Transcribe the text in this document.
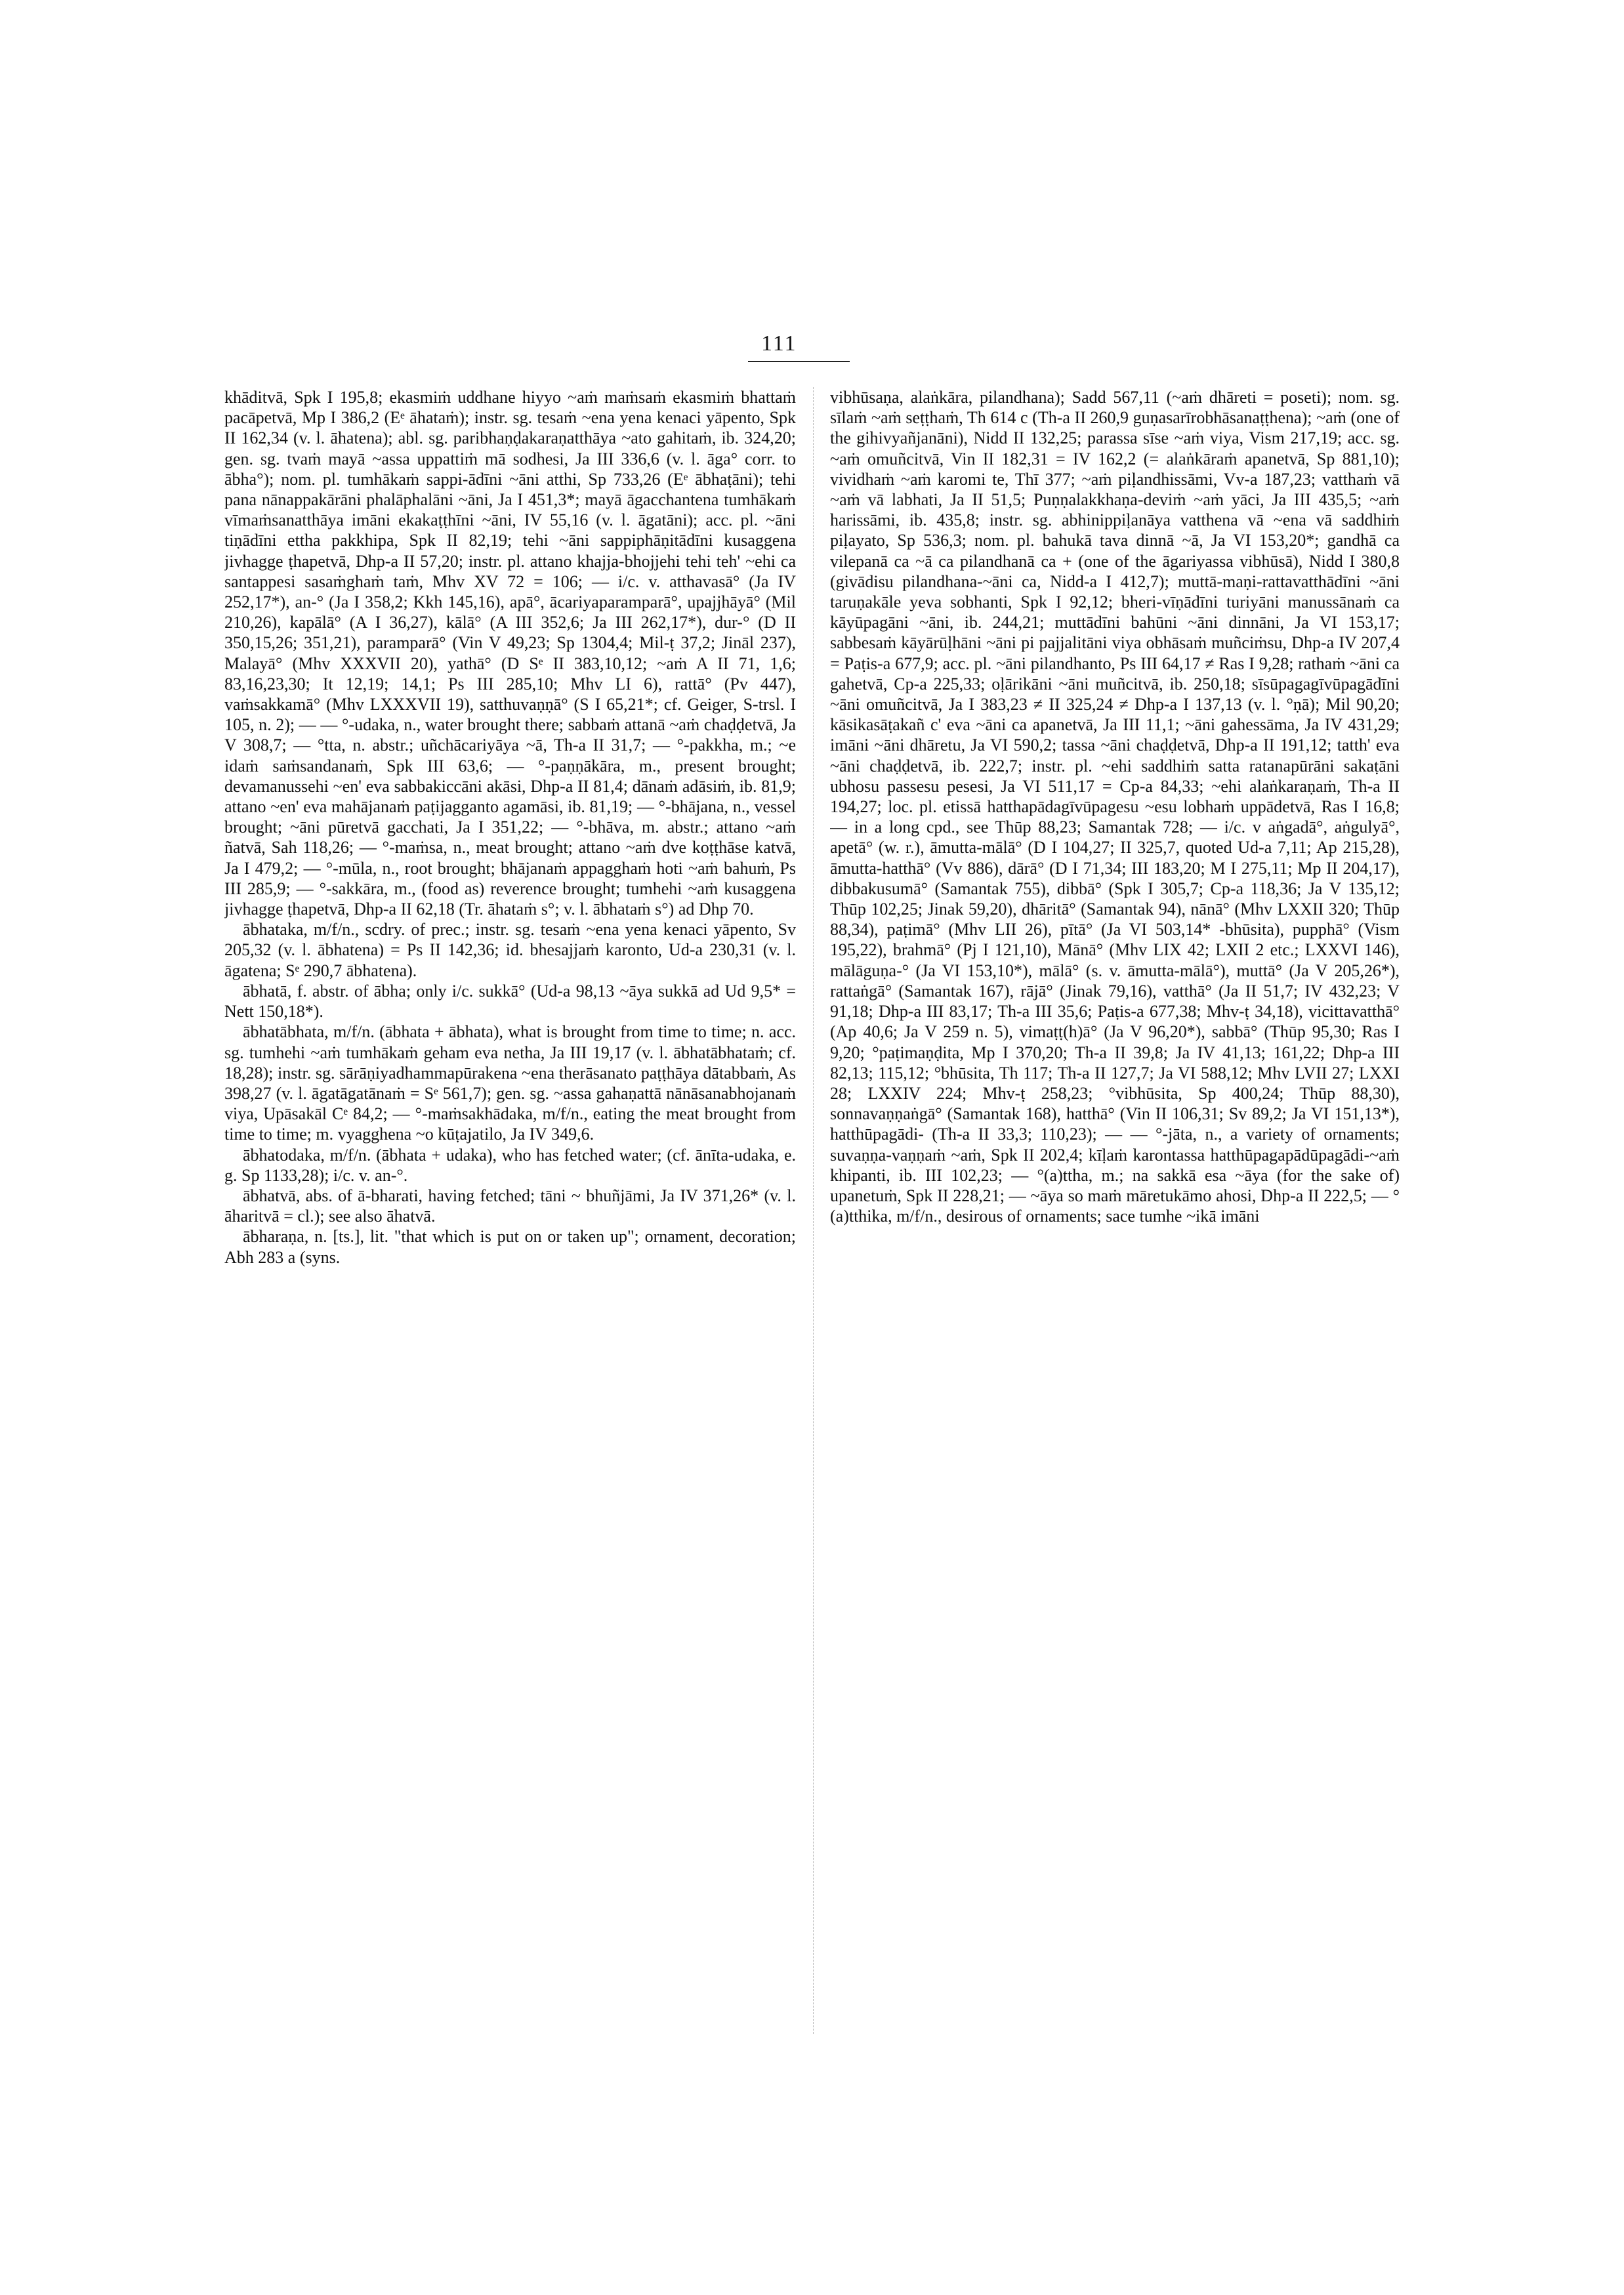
111

khāditvā, Spk I 195,8; ekasmiṁ uddhane hiyyo ~aṁ maṁsaṁ ekasmiṁ bhattaṁ pacāpetvā, Mp I 386,2 (Eᵉ āhataṁ); instr. sg. tesaṁ ~ena yena kenaci yāpento, Spk II 162,34 (v. l. āhatena); abl. sg. paribhaṇḍakaraṇatthāya ~ato gahitaṁ, ib. 324,20; gen. sg. tvaṁ mayā ~assa uppattiṁ mā sodhesi, Ja III 336,6 (v. l. āga° corr. to ābha°); nom. pl. tumhākaṁ sappi-ādīni ~āni atthi, Sp 733,26 (Eᵉ ābhaṭāni); tehi pana nānappakārāni phalāphalāni ~āni, Ja I 451,3*; mayā āgacchantena tumhākaṁ vīmaṁsanatthāya imāni ekakaṭṭhīni ~āni, IV 55,16 (v. l. āgatāni); acc. pl. ~āni tiṇādīni ettha pakkhipa, Spk II 82,19; tehi ~āni sappiphāṇitādīni kusaggena jivhagge ṭhapetvā, Dhp-a II 57,20; instr. pl. attano khajja-bhojjehi tehi teh' ~ehi ca santappesi sasaṁghaṁ taṁ, Mhv XV 72 = 106; — i/c. v. atthavasā° (Ja IV 252,17*), an-° (Ja I 358,2; Kkh 145,16), apā°, ācariyaparamparā°, upajjhāyā° (Mil 210,26), kapālā° (A I 36,27), kālā° (A III 352,6; Ja III 262,17*), dur-° (D II 350,15,26; 351,21), paramparā° (Vin V 49,23; Sp 1304,4; Mil-ṭ 37,2; Jināl 237), Malayā° (Mhv XXXVII 20), yathā° (D Sᵉ II 383,10,12; ~aṁ A II 71, 1,6; 83,16,23,30; It 12,19; 14,1; Ps III 285,10; Mhv LI 6), rattā° (Pv 447), vaṁsakkamā° (Mhv LXXXVII 19), satthuvaṇṇā° (S I 65,21*; cf. Geiger, S-trsl. I 105, n. 2); — — °-udaka, n., water brought there; sabbaṁ attanā ~aṁ chaḍḍetvā, Ja V 308,7; — °tta, n. abstr.; uñchācariyāya ~ā, Th-a II 31,7; — °-pakkha, m.; ~e idaṁ saṁsandanaṁ, Spk III 63,6; — °-paṇṇākāra, m., present brought; devamanussehi ~en' eva sabbakiccāni akāsi, Dhp-a II 81,4; dānaṁ adāsiṁ, ib. 81,9; attano ~en' eva mahājanaṁ paṭijagganto agamāsi, ib. 81,19; — °-bhājana, n., vessel brought; ~āni pūretvā gacchati, Ja I 351,22; — °-bhāva, m. abstr.; attano ~aṁ ñatvā, Sah 118,26; — °-maṁsa, n., meat brought; attano ~aṁ dve koṭṭhāse katvā, Ja I 479,2; — °-mūla, n., root brought; bhājanaṁ appagghaṁ hoti ~aṁ bahuṁ, Ps III 285,9; — °-sakkāra, m., (food as) reverence brought; tumhehi ~aṁ kusaggena jivhagge ṭhapetvā, Dhp-a II 62,18 (Tr. āhataṁ s°; v. l. ābhataṁ s°) ad Dhp 70.

ābhataka, m/f/n., scdry. of prec.; instr. sg. tesaṁ ~ena yena kenaci yāpento, Sv 205,32 (v. l. ābhatena) = Ps II 142,36; id. bhesajjaṁ karonto, Ud-a 230,31 (v. l. āgatena; Sᵉ 290,7 ābhatena).

ābhatā, f. abstr. of ābha; only i/c. sukkā° (Ud-a 98,13 ~āya sukkā ad Ud 9,5* = Nett 150,18*).

ābhatābhata, m/f/n. (ābhata + ābhata), what is brought from time to time; n. acc. sg. tumhehi ~aṁ tumhākaṁ geham eva netha, Ja III 19,17 (v. l. ābhatābhataṁ; cf. 18,28); instr. sg. sārāṇiyadhammapūrakena ~ena therāsanato paṭṭhāya dātabbaṁ, As 398,27 (v. l. āgatāgatānaṁ = Sᵉ 561,7); gen. sg. ~assa gahaṇattā nānāsanabhojanaṁ viya, Upāsakāl Cᵉ 84,2; — °-maṁsakhādaka, m/f/n., eating the meat brought from time to time; m. vyagghena ~o kūṭajatilo, Ja IV 349,6.

ābhatodaka, m/f/n. (ābhata + udaka), who has fetched water; (cf. ānīta-udaka, e. g. Sp 1133,28); i/c. v. an-°.

ābhatvā, abs. of ā-bharati, having fetched; tāni ~ bhuñjāmi, Ja IV 371,26* (v. l. āharitvā = cl.); see also āhatvā.

ābharaṇa, n. [ts.], lit. "that which is put on or taken up"; ornament, decoration; Abh 283 a (syns.

vibhūsaṇa, alaṅkāra, pilandhana); Sadd 567,11 (~aṁ dhāreti = poseti); nom. sg. sīlaṁ ~aṁ seṭṭhaṁ, Th 614 c (Th-a II 260,9 guṇasarīrobhāsanaṭṭhena); ~aṁ (one of the gihivyañjanāni), Nidd II 132,25; parassa sīse ~aṁ viya, Vism 217,19; acc. sg. ~aṁ omuñcitvā, Vin II 182,31 = IV 162,2 (= alaṅkāraṁ apanetvā, Sp 881,10); vividhaṁ ~aṁ karomi te, Thī 377; ~aṁ piḷandhissāmi, Vv-a 187,23; vatthaṁ vā ~aṁ vā labhati, Ja II 51,5; Puṇṇalakkhaṇa-deviṁ ~aṁ yāci, Ja III 435,5; ~aṁ harissāmi, ib. 435,8; instr. sg. abhinippiḷanāya vatthena vā ~ena vā saddhiṁ piḷayato, Sp 536,3; nom. pl. bahukā tava dinnā ~ā, Ja VI 153,20*; gandhā ca vilepanā ca ~ā ca pilandhanā ca + (one of the āgariyassa vibhūsā), Nidd I 380,8 (givādisu pilandhana-~āni ca, Nidd-a I 412,7); muttā-maṇi-rattavatthādīni ~āni taruṇakāle yeva sobhanti, Spk I 92,12; bheri-vīṇādīni turiyāni manussānaṁ ca kāyūpagāni ~āni, ib. 244,21; muttādīni bahūni ~āni dinnāni, Ja VI 153,17; sabbesaṁ kāyārūḷhāni ~āni pi pajjalitāni viya obhāsaṁ muñciṁsu, Dhp-a IV 207,4 = Paṭis-a 677,9; acc. pl. ~āni pilandhanto, Ps III 64,17 ≠ Ras I 9,28; rathaṁ ~āni ca gahetvā, Cp-a 225,33; oḷārikāni ~āni muñcitvā, ib. 250,18; sīsūpagagīvūpagādīni ~āni omuñcitvā, Ja I 383,23 ≠ II 325,24 ≠ Dhp-a I 137,13 (v. l. °ṇā); Mil 90,20; kāsikasāṭakañ c' eva ~āni ca apanetvā, Ja III 11,1; ~āni gahessāma, Ja IV 431,29; imāni ~āni dhāretu, Ja VI 590,2; tassa ~āni chaḍḍetvā, Dhp-a II 191,12; tatth' eva ~āni chaḍḍetvā, ib. 222,7; instr. pl. ~ehi saddhiṁ satta ratanapūrāni sakaṭāni ubhosu passesu pesesi, Ja VI 511,17 = Cp-a 84,33; ~ehi alaṅkaraṇaṁ, Th-a II 194,27; loc. pl. etissā hatthapādagīvūpagesu ~esu lobhaṁ uppādetvā, Ras I 16,8; — in a long cpd., see Thūp 88,23; Samantak 728; — i/c. v aṅgadā°, aṅgulyā°, apetā° (w. r.), āmutta-mālā° (D I 104,27; II 325,7, quoted Ud-a 7,11; Ap 215,28), āmutta-hatthā° (Vv 886), dārā° (D I 71,34; III 183,20; M I 275,11; Mp II 204,17), dibbakusumā° (Samantak 755), dibbā° (Spk I 305,7; Cp-a 118,36; Ja V 135,12; Thūp 102,25; Jinak 59,20), dhāritā° (Samantak 94), nānā° (Mhv LXXII 320; Thūp 88,34), paṭimā° (Mhv LII 26), pītā° (Ja VI 503,14* -bhūsita), pupphā° (Vism 195,22), brahmā° (Pj I 121,10), Mānā° (Mhv LIX 42; LXII 2 etc.; LXXVI 146), mālāguṇa-° (Ja VI 153,10*), mālā° (s. v. āmutta-mālā°), muttā° (Ja V 205,26*), rattaṅgā° (Samantak 167), rājā° (Jinak 79,16), vatthā° (Ja II 51,7; IV 432,23; V 91,18; Dhp-a III 83,17; Th-a III 35,6; Paṭis-a 677,38; Mhv-ṭ 34,18), vicittavatthā° (Ap 40,6; Ja V 259 n. 5), vimaṭṭ(h)ā° (Ja V 96,20*), sabbā° (Thūp 95,30; Ras I 9,20; °paṭimaṇḍita, Mp I 370,20; Th-a II 39,8; Ja IV 41,13; 161,22; Dhp-a III 82,13; 115,12; °bhūsita, Th 117; Th-a II 127,7; Ja VI 588,12; Mhv LVII 27; LXXI 28; LXXIV 224; Mhv-ṭ 258,23; °vibhūsita, Sp 400,24; Thūp 88,30), sonnavaṇṇaṅgā° (Samantak 168), hatthā° (Vin II 106,31; Sv 89,2; Ja VI 151,13*), hatthūpagādi- (Th-a II 33,3; 110,23); — — °-jāta, n., a variety of ornaments; suvaṇṇa-vaṇṇaṁ ~aṁ, Spk II 202,4; kīḷaṁ karontassa hatthūpagapādūpagādi-~aṁ khipanti, ib. III 102,23; — °(a)ttha, m.; na sakkā esa ~āya (for the sake of) upanetuṁ, Spk II 228,21; — ~āya so maṁ māretukāmo ahosi, Dhp-a II 222,5; — °(a)tthika, m/f/n., desirous of ornaments; sace tumhe ~ikā imāni
